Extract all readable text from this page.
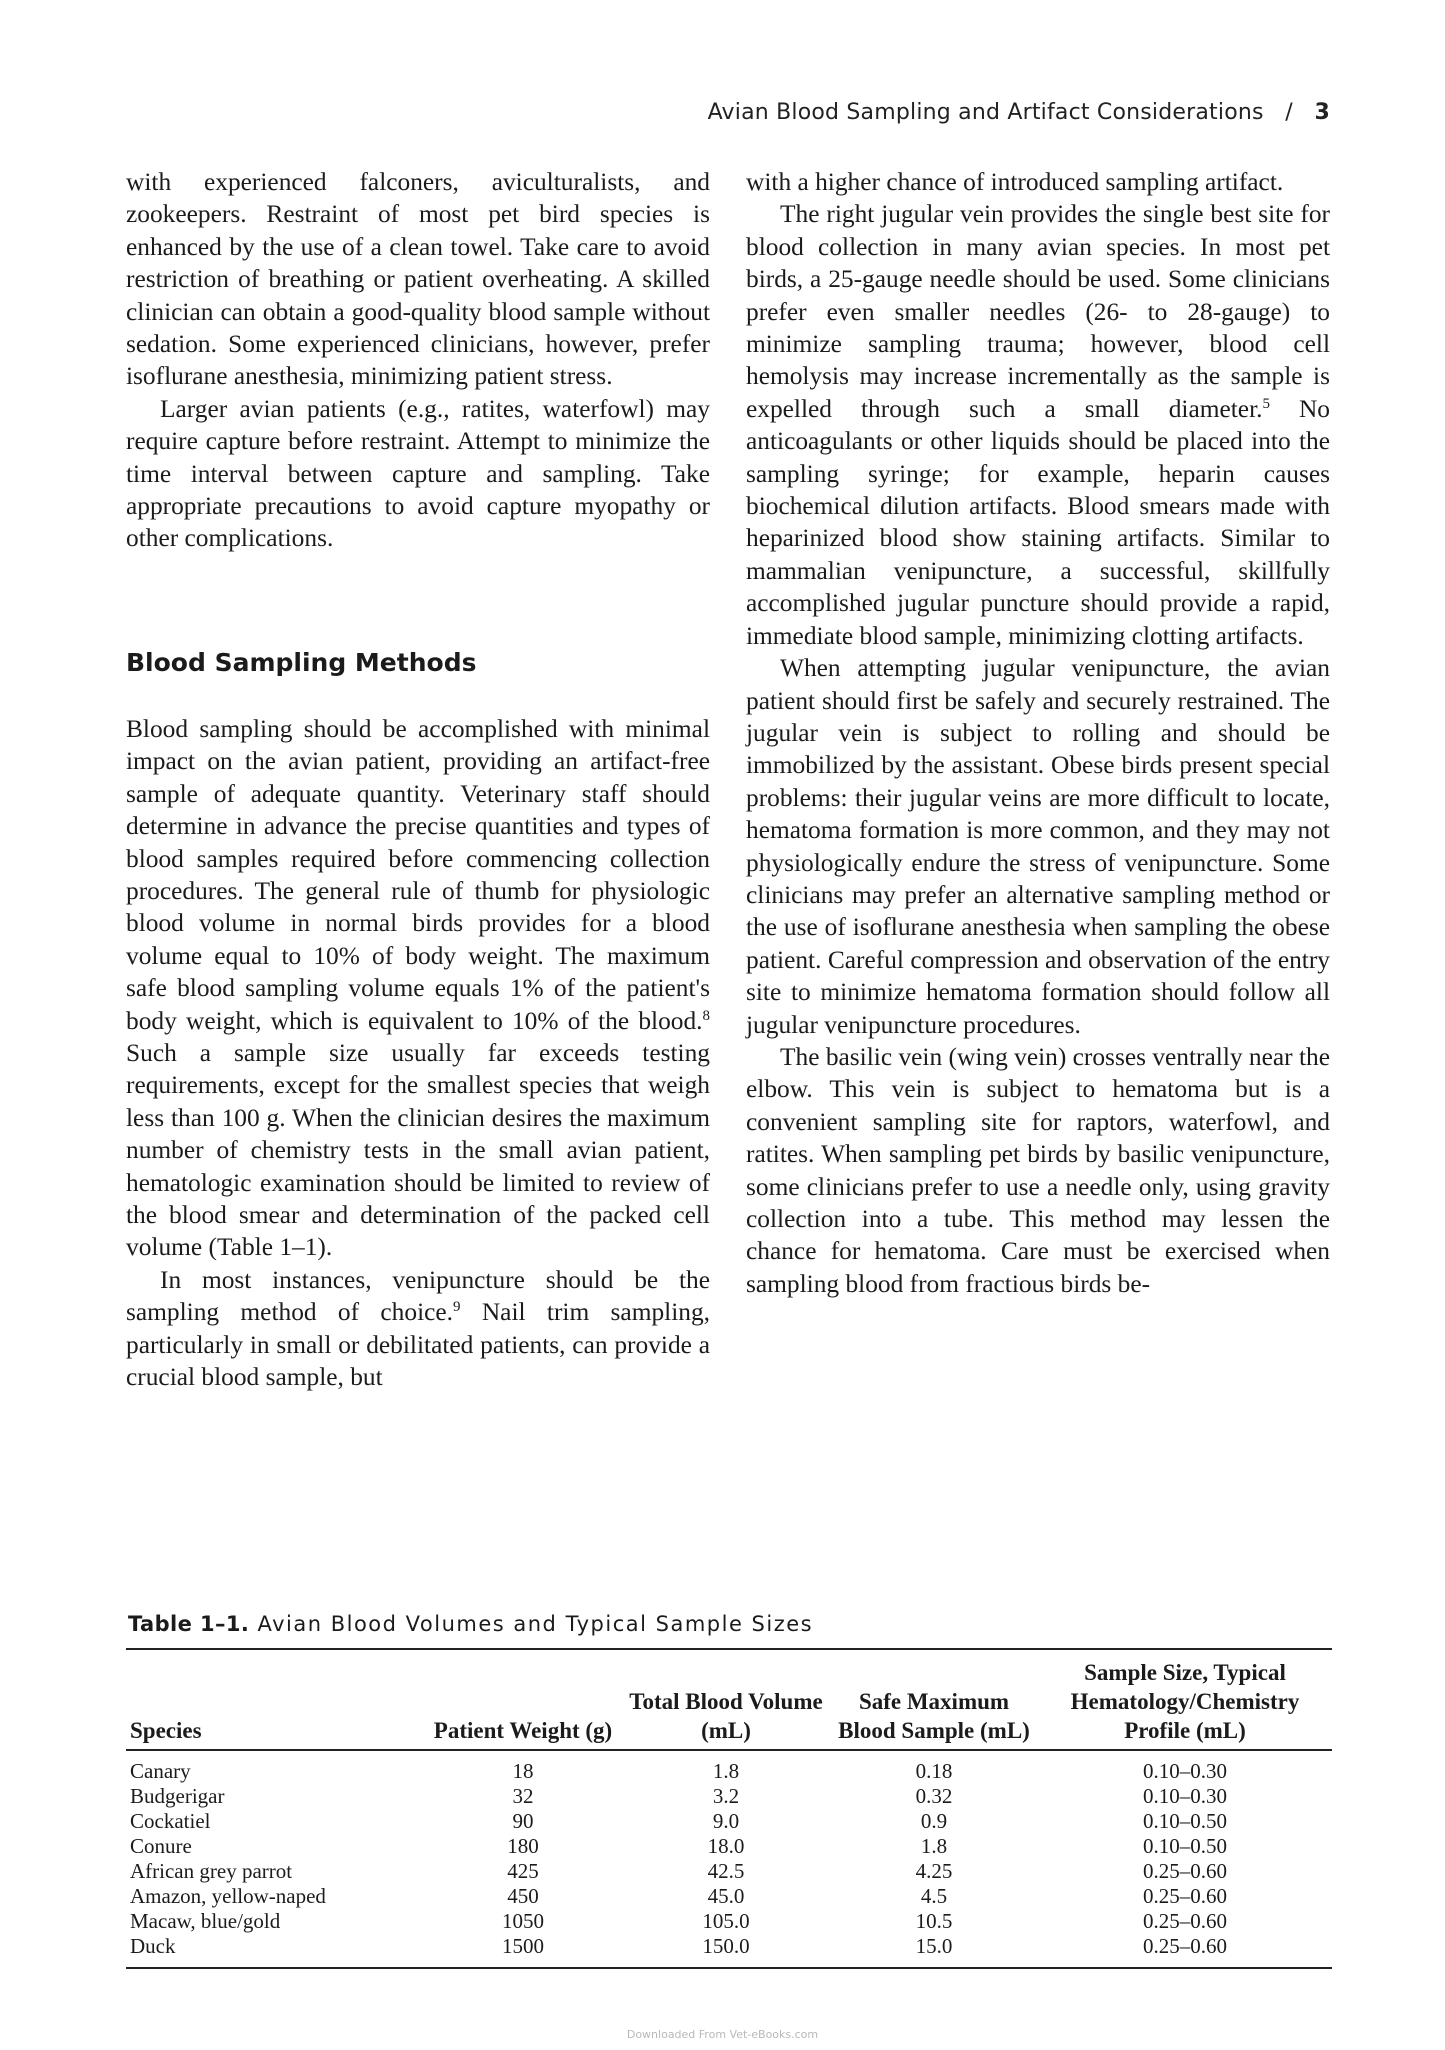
Avian Blood Sampling and Artifact Considerations / 3

with experienced falconers, aviculturalists, and zookeepers. Restraint of most pet bird species is enhanced by the use of a clean towel. Take care to avoid restriction of breathing or patient overheating. A skilled clinician can obtain a good-quality blood sample without sedation. Some experienced clinicians, however, prefer isoflurane anesthesia, minimizing patient stress.

Larger avian patients (e.g., ratites, waterfowl) may require capture before restraint. Attempt to minimize the time interval between capture and sampling. Take appropriate precautions to avoid capture myopathy or other complications.

Blood Sampling Methods

Blood sampling should be accomplished with minimal impact on the avian patient, providing an artifact-free sample of adequate quantity. Veterinary staff should determine in advance the precise quantities and types of blood samples required before commencing collection procedures. The general rule of thumb for physiologic blood volume in normal birds provides for a blood volume equal to 10% of body weight. The maximum safe blood sampling volume equals 1% of the patient's body weight, which is equivalent to 10% of the blood.$^8$ Such a sample size usually far exceeds testing requirements, except for the smallest species that weigh less than 100 g. When the clinician desires the maximum number of chemistry tests in the small avian patient, hematologic examination should be limited to review of the blood smear and determination of the packed cell volume (Table 1–1).

In most instances, venipuncture should be the sampling method of choice.$^9$ Nail trim sampling, particularly in small or debilitated patients, can provide a crucial blood sample, but

with a higher chance of introduced sampling artifact.

The right jugular vein provides the single best site for blood collection in many avian species. In most pet birds, a 25-gauge needle should be used. Some clinicians prefer even smaller needles (26- to 28-gauge) to minimize sampling trauma; however, blood cell hemolysis may increase incrementally as the sample is expelled through such a small diameter.$^5$ No anticoagulants or other liquids should be placed into the sampling syringe; for example, heparin causes biochemical dilution artifacts. Blood smears made with heparinized blood show staining artifacts. Similar to mammalian venipuncture, a successful, skillfully accomplished jugular puncture should provide a rapid, immediate blood sample, minimizing clotting artifacts.

When attempting jugular venipuncture, the avian patient should first be safely and securely restrained. The jugular vein is subject to rolling and should be immobilized by the assistant. Obese birds present special problems: their jugular veins are more difficult to locate, hematoma formation is more common, and they may not physiologically endure the stress of venipuncture. Some clinicians may prefer an alternative sampling method or the use of isoflurane anesthesia when sampling the obese patient. Careful compression and observation of the entry site to minimize hematoma formation should follow all jugular venipuncture procedures.

The basilic vein (wing vein) crosses ventrally near the elbow. This vein is subject to hematoma but is a convenient sampling site for raptors, waterfowl, and ratites. When sampling pet birds by basilic venipuncture, some clinicians prefer to use a needle only, using gravity collection into a tube. This method may lessen the chance for hematoma. Care must be exercised when sampling blood from fractious birds be-

Table 1–1. Avian Blood Volumes and Typical Sample Sizes
Species	Patient Weight (g)	Total Blood Volume (mL)	Safe Maximum Blood Sample (mL)	Sample Size, Typical Hematology/Chemistry Profile (mL)
Canary	18	1.8	0.18	0.10–0.30
Budgerigar	32	3.2	0.32	0.10–0.30
Cockatiel	90	9.0	0.9	0.10–0.50
Conure	180	18.0	1.8	0.10–0.50
African grey parrot	425	42.5	4.25	0.25–0.60
Amazon, yellow-naped	450	45.0	4.5	0.25–0.60
Macaw, blue/gold	1050	105.0	10.5	0.25–0.60
Duck	1500	150.0	15.0	0.25–0.60
Downloaded From Vet-eBooks.com
